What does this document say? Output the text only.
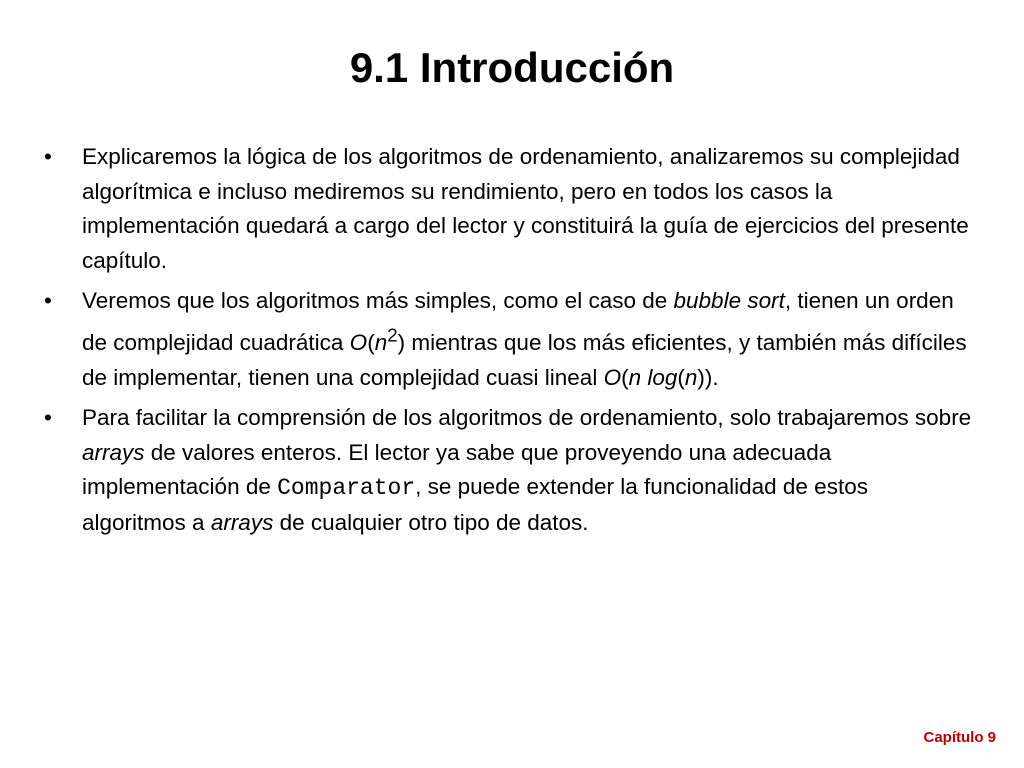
9.1 Introducción
•	Explicaremos la lógica de los algoritmos de ordenamiento, analizaremos su complejidad algorítmica e incluso mediremos su rendimiento, pero en todos los casos la implementación quedará a cargo del lector y constituirá la guía de ejercicios del presente capítulo.
•	Veremos que los algoritmos más simples, como el caso de bubble sort, tienen un orden de complejidad cuadrática $O(n^2)$ mientras que los más eficientes, y también más difíciles de implementar, tienen una complejidad cuasi lineal O(n log(n)).
•	Para facilitar la comprensión de los algoritmos de ordenamiento, solo trabajaremos sobre arrays de valores enteros. El lector ya sabe que proveyendo una adecuada implementación de Comparator, se puede extender la funcionalidad de estos algoritmos a arrays de cualquier otro tipo de datos.
Capítulo 9
